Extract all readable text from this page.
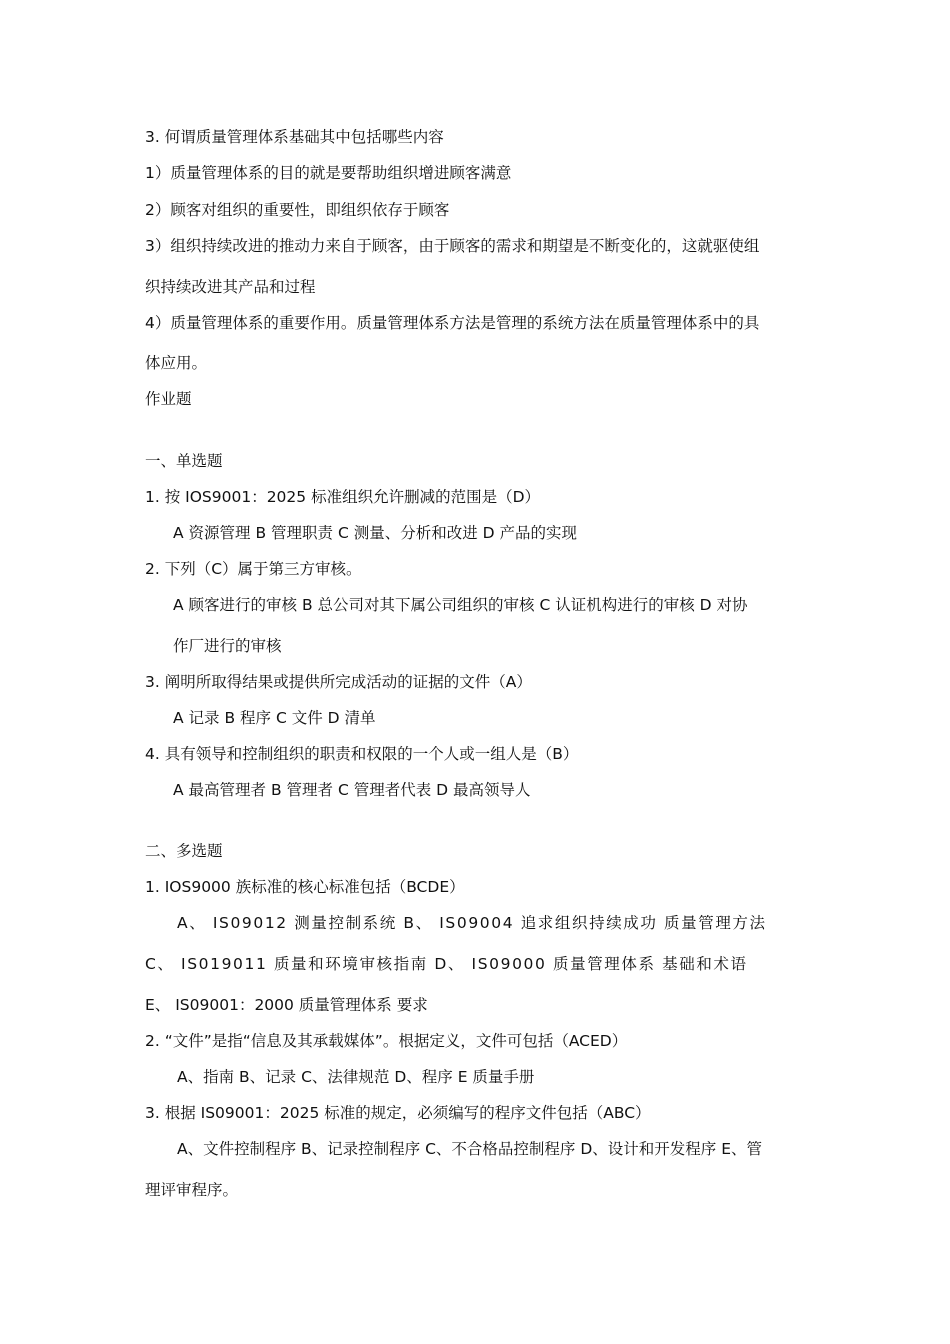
3. 何谓质量管理体系基础其中包括哪些内容
1）质量管理体系的目的就是要帮助组织增进顾客满意
2）顾客对组织的重要性，即组织依存于顾客
3）组织持续改进的推动力来自于顾客，由于顾客的需求和期望是不断变化的，这就驱使组
织持续改进其产品和过程
4）质量管理体系的重要作用。质量管理体系方法是管理的系统方法在质量管理体系中的具
体应用。
作业题
一、单选题
1. 按 IOS9001：2025 标准组织允许删减的范围是（D）
A 资源管理 B 管理职责 C 测量、分析和改进 D 产品的实现
2. 下列（C）属于第三方审核。
A 顾客进行的审核 B 总公司对其下属公司组织的审核 C 认证机构进行的审核 D 对协
作厂进行的审核
3. 阐明所取得结果或提供所完成活动的证据的文件（A）
A 记录 B 程序 C 文件 D 清单
4. 具有领导和控制组织的职责和权限的一个人或一组人是（B）
A 最高管理者 B 管理者 C 管理者代表 D 最高领导人
二、多选题
1. IOS9000 族标准的核心标准包括（BCDE）
A、 IS09012 测量控制系统 B、 IS09004 追求组织持续成功 质量管理方法
C、 IS019011 质量和环境审核指南 D、 IS09000 质量管理体系 基础和术语
E、 IS09001：2000 质量管理体系 要求
2. “文件”是指“信息及其承载媒体”。根据定义，文件可包括（ACED）
A、指南 B、记录 C、法律规范 D、程序 E 质量手册
3. 根据 IS09001：2025 标准的规定，必须编写的程序文件包括（ABC）
A、文件控制程序 B、记录控制程序 C、不合格品控制程序 D、设计和开发程序 E、管
理评审程序。
